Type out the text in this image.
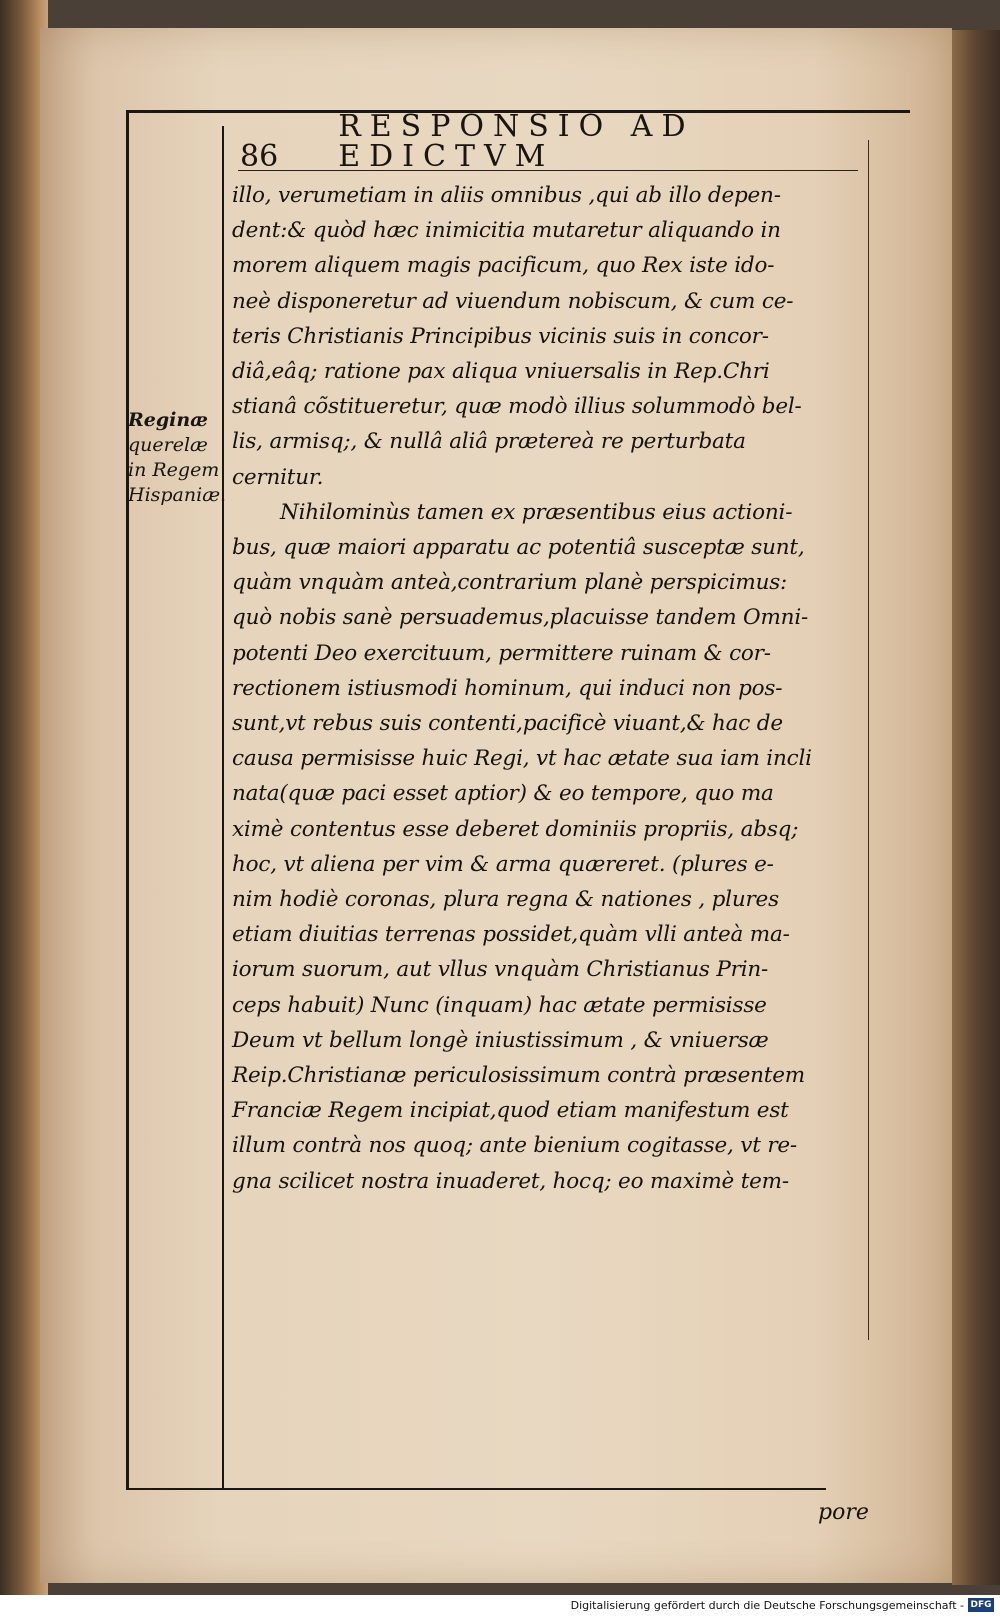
86
RESPONSIO AD EDICTVM
Reginæ
querelæ
in Regem
Hispaniæ.
illo, verumetiam in aliis omnibus ,qui ab illo depen-
dent:& quòd hæc inimicitia mutaretur aliquando in
morem aliquem magis pacificum, quo Rex iste ido-
neè disponeretur ad viuendum nobiscum, & cum ce-
teris Christianis Principibus vicinis suis in concor-
diâ,eâq; ratione pax aliqua vniuersalis in Rep.Chri
stianâ cõstitueretur, quæ modò illius solummodò bel-
lis, armisq;, & nullâ aliâ prætereà re perturbata
cernitur.
Nihilominùs tamen ex præsentibus eius actioni-
bus, quæ maiori apparatu ac potentiâ susceptæ sunt,
quàm vnquàm anteà,contrarium planè perspicimus:
quò nobis sanè persuademus,placuisse tandem Omni-
potenti Deo exercituum, permittere ruinam & cor-
rectionem istiusmodi hominum, qui induci non pos-
sunt,vt rebus suis contenti,pacificè viuant,& hac de
causa permisisse huic Regi, vt hac ætate sua iam incli
nata(quæ paci esset aptior) & eo tempore, quo ma
ximè contentus esse deberet dominiis propriis, absq;
hoc, vt aliena per vim & arma quæreret. (plures e-
nim hodiè coronas, plura regna & nationes , plures
etiam diuitias terrenas possidet,quàm vlli anteà ma-
iorum suorum, aut vllus vnquàm Christianus Prin-
ceps habuit) Nunc (inquam) hac ætate permisisse
Deum vt bellum longè iniustissimum , & vniuersæ
Reip.Christianæ periculosissimum contrà præsentem
Franciæ Regem incipiat,quod etiam manifestum est
illum contrà nos quoq; ante bienium cogitasse, vt re-
gna scilicet nostra inuaderet, hocq; eo maximè tem-
pore
Digitalisierung gefördert durch die Deutsche Forschungsgemeinschaft - DFG
